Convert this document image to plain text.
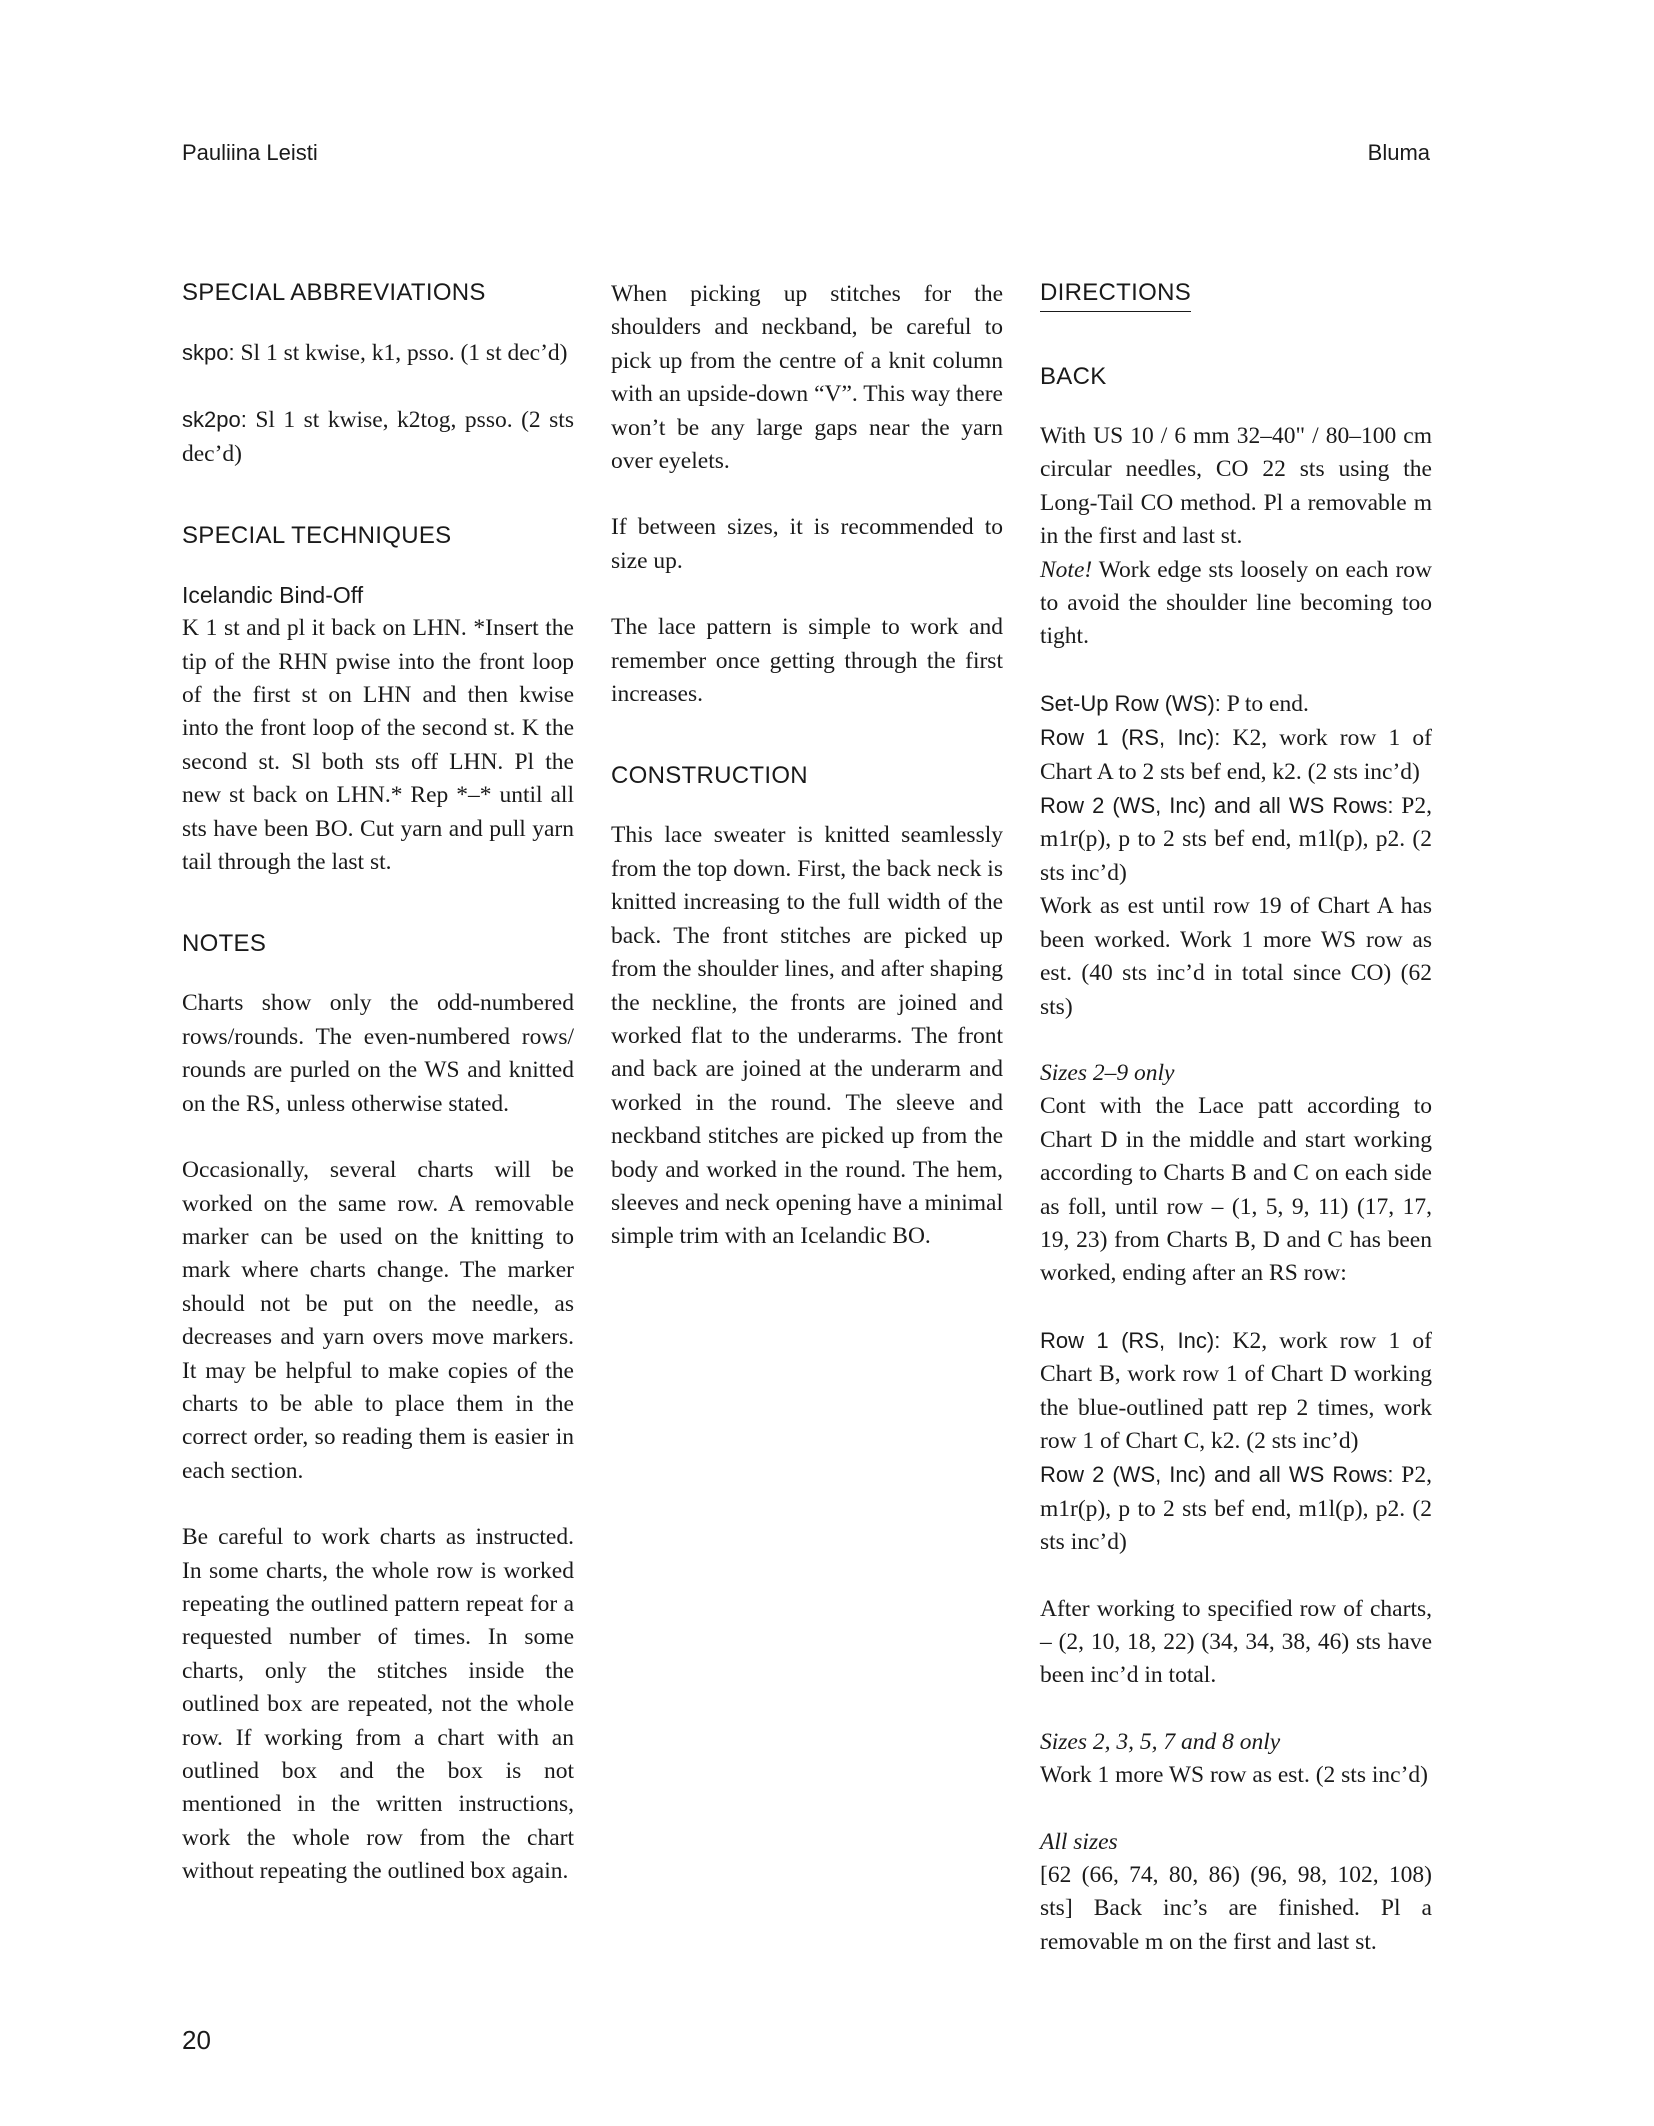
Pauliina Leisti	Bluma
SPECIAL ABBREVIATIONS

skpo: Sl 1 st kwise, k1, psso. (1 st dec’d)

sk2po: Sl 1 st kwise, k2tog, psso. (2 sts dec’d)

SPECIAL TECHNIQUES
Icelandic Bind-Off

K 1 st and pl it back on LHN. *Insert the tip of the RHN pwise into the front loop of the first st on LHN and then kwise into the front loop of the second st. K the second st. Sl both sts off LHN. Pl the new st back on LHN.* Rep *–* until all sts have been BO. Cut yarn and pull yarn tail through the last st.

NOTES

Charts show only the odd-numbered rows/rounds. The even-numbered rows/ rounds are purled on the WS and knitted on the RS, unless otherwise stated.

Occasionally, several charts will be worked on the same row. A removable marker can be used on the knitting to mark where charts change. The marker should not be put on the needle, as decreases and yarn overs move markers. It may be helpful to make copies of the charts to be able to place them in the correct order, so reading them is easier in each section.

Be careful to work charts as instructed. In some charts, the whole row is worked repeating the outlined pattern repeat for a requested number of times. In some charts, only the stitches inside the outlined box are repeated, not the whole row. If working from a chart with an outlined box and the box is not mentioned in the written instructions, work the whole row from the chart without repeating the outlined box again.

When picking up stitches for the shoulders and neckband, be careful to pick up from the centre of a knit column with an upside-down “V”. This way there won’t be any large gaps near the yarn over eyelets.

If between sizes, it is recommended to size up.

The lace pattern is simple to work and remember once getting through the first increases.

CONSTRUCTION

This lace sweater is knitted seamlessly from the top down. First, the back neck is knitted increasing to the full width of the back. The front stitches are picked up from the shoulder lines, and after shaping the neckline, the fronts are joined and worked flat to the underarms. The front and back are joined at the underarm and worked in the round. The sleeve and neckband stitches are picked up from the body and worked in the round. The hem, sleeves and neck opening have a minimal simple trim with an Icelandic BO.

DIRECTIONS
BACK

With US 10 / 6 mm 32–40" / 80–100 cm circular needles, CO 22 sts using the Long-Tail CO method. Pl a removable m in the first and last st.
Note! Work edge sts loosely on each row to avoid the shoulder line becoming too tight.

Set-Up Row (WS): P to end.
Row 1 (RS, Inc): K2, work row 1 of Chart A to 2 sts bef end, k2. (2 sts inc’d)
Row 2 (WS, Inc) and all WS Rows: P2, m1r(p), p to 2 sts bef end, m1l(p), p2. (2 sts inc’d)
Work as est until row 19 of Chart A has been worked. Work 1 more WS row as est. (40 sts inc’d in total since CO) (62 sts)

Sizes 2–9 only
Cont with the Lace patt according to Chart D in the middle and start working according to Charts B and C on each side as foll, until row – (1, 5, 9, 11) (17, 17, 19, 23) from Charts B, D and C has been worked, ending after an RS row:

Row 1 (RS, Inc): K2, work row 1 of Chart B, work row 1 of Chart D working the blue-outlined patt rep 2 times, work row 1 of Chart C, k2. (2 sts inc’d)
Row 2 (WS, Inc) and all WS Rows: P2, m1r(p), p to 2 sts bef end, m1l(p), p2. (2 sts inc’d)

After working to specified row of charts, – (2, 10, 18, 22) (34, 34, 38, 46) sts have been inc’d in total.

Sizes 2, 3, 5, 7 and 8 only
Work 1 more WS row as est. (2 sts inc’d)

All sizes
[62 (66, 74, 80, 86) (96, 98, 102, 108) sts] Back inc’s are finished. Pl a removable m on the first and last st.

20
